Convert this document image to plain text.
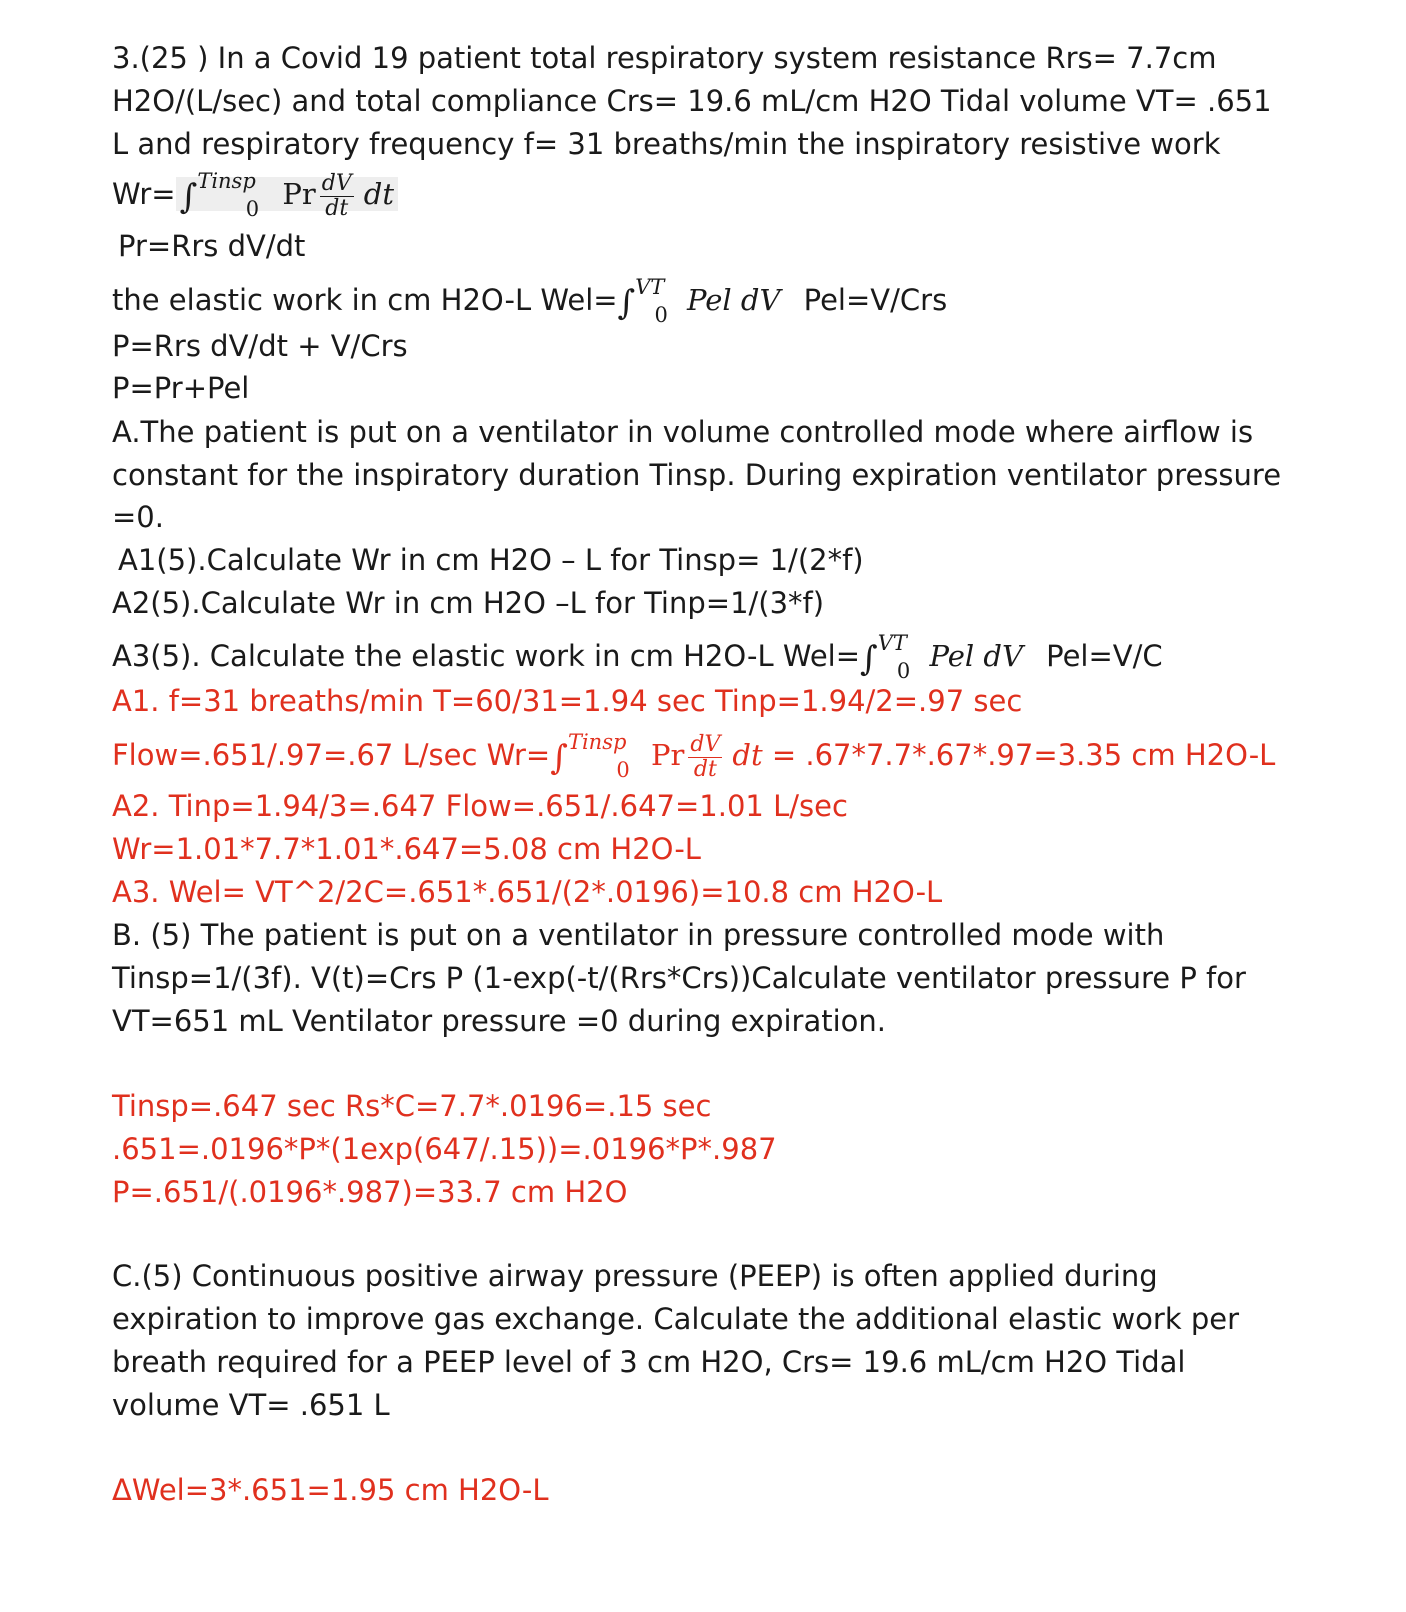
3.(25 ) In a Covid 19 patient total respiratory system resistance Rrs= 7.7cm
H2O/(L/sec) and total compliance Crs= 19.6 mL/cm H2O Tidal volume VT= .651
L and respiratory frequency f= 31 breaths/min the inspiratory resistive work
Wr= ∫$^{Tinsp}_0$ Pr $\frac{dV}{dt}$ dt
Pr=Rrs dV/dt
the elastic work in cm H2O-L Wel=∫$^{VT}_0$ Pel dV Pel=V/Crs
P=Rrs dV/dt + V/Crs
P=Pr+Pel
A.The patient is put on a ventilator in volume controlled mode where airflow is
constant for the inspiratory duration Tinsp. During expiration ventilator pressure
=0.
A1(5).Calculate Wr in cm H2O – L for Tinsp= 1/(2*f)
A2(5).Calculate Wr in cm H2O –L for Tinp=1/(3*f)
A3(5). Calculate the elastic work in cm H2O-L Wel=∫$^{VT}_0$ Pel dV Pel=V/C
A1. f=31 breaths/min T=60/31=1.94 sec Tinp=1.94/2=.97 sec
Flow=.651/.97=.67 L/sec Wr=∫$^{Tinsp}_0$ Pr $\frac{dV}{dt}$ dt = .67*7.7*.67*.97=3.35 cm H2O-L
A2. Tinp=1.94/3=.647 Flow=.651/.647=1.01 L/sec
Wr=1.01*7.7*1.01*.647=5.08 cm H2O-L
A3. Wel= VT^2/2C=.651*.651/(2*.0196)=10.8 cm H2O-L
B. (5) The patient is put on a ventilator in pressure controlled mode with
Tinsp=1/(3f). V(t)=Crs P (1-exp(-t/(Rrs*Crs))Calculate ventilator pressure P for
VT=651 mL Ventilator pressure =0 during expiration.
Tinsp=.647 sec Rs*C=7.7*.0196=.15 sec
.651=.0196*P*(1exp(647/.15))=.0196*P*.987
P=.651/(.0196*.987)=33.7 cm H2O
C.(5) Continuous positive airway pressure (PEEP) is often applied during
expiration to improve gas exchange. Calculate the additional elastic work per
breath required for a PEEP level of 3 cm H2O, Crs= 19.6 mL/cm H2O Tidal
volume VT= .651 L
ΔWel=3*.651=1.95 cm H2O-L
